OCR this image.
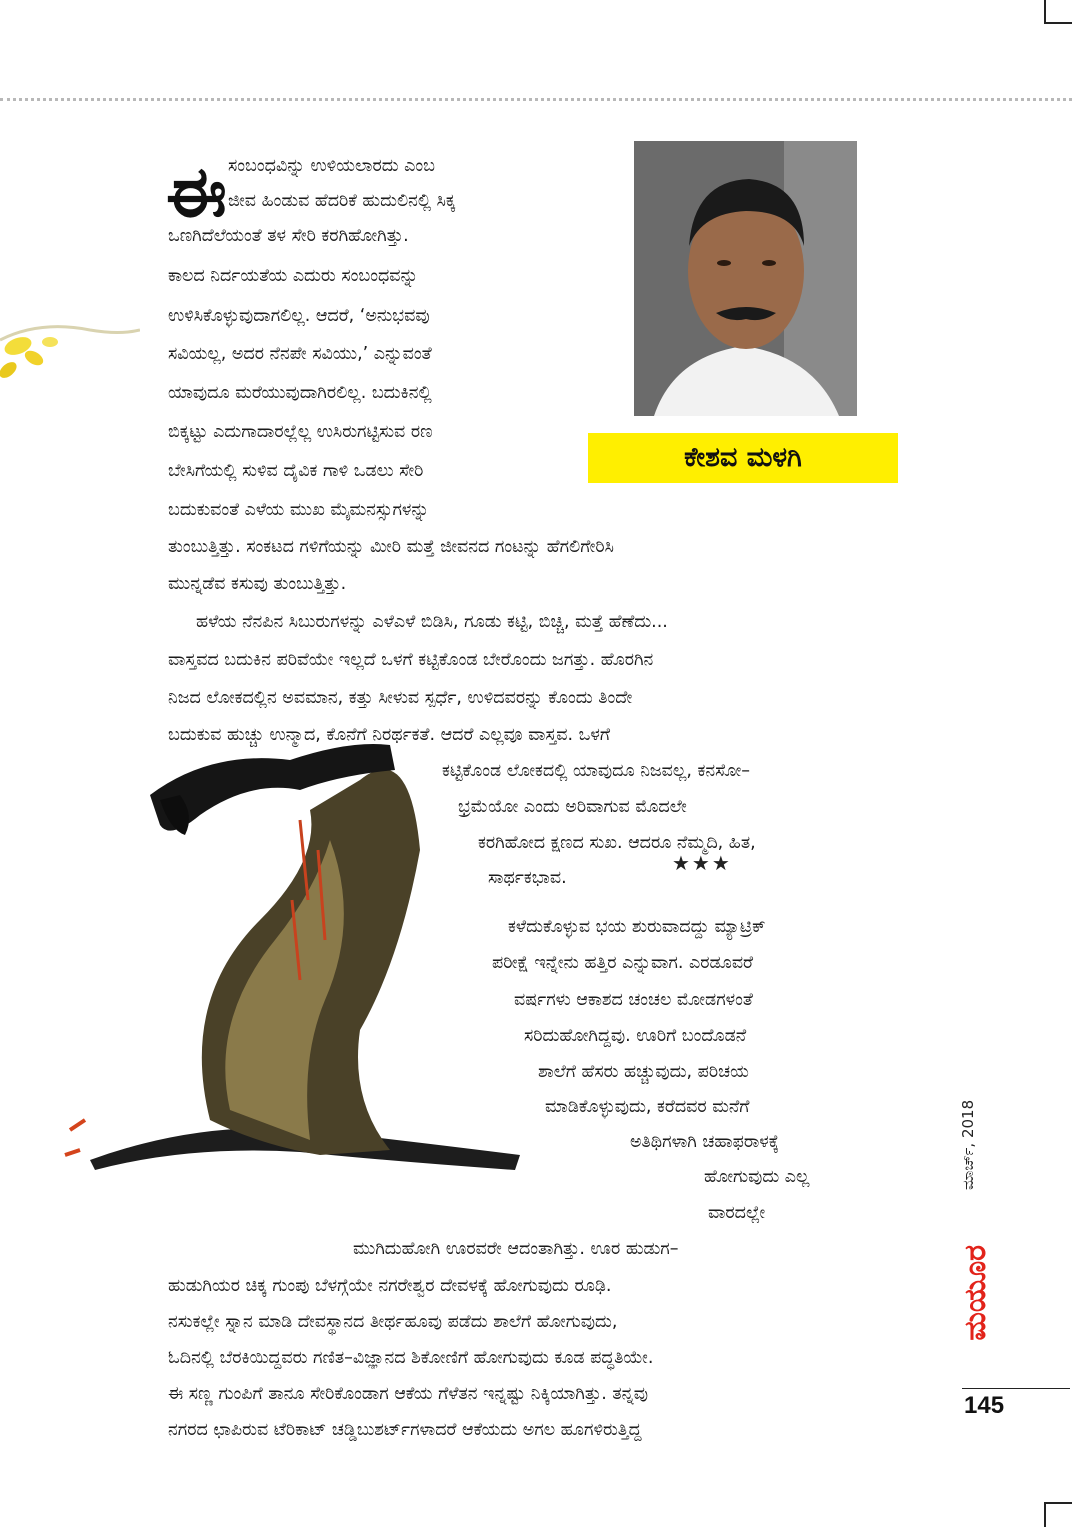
ಈ ಸಂಬಂಧವಿನ್ನು ಉಳಿಯಲಾರದು ಎಂಬ
ಜೀವ ಹಿಂಡುವ ಹೆದರಿಕೆ ಹುದುಲಿನಲ್ಲಿ ಸಿಕ್ಕ
ಒಣಗಿದೆಲೆಯಂತೆ ತಳ ಸೇರಿ ಕರಗಿಹೋಗಿತ್ತು.
ಕಾಲದ ನಿರ್ದಯತೆಯ ಎದುರು ಸಂಬಂಧವನ್ನು
ಉಳಿಸಿಕೊಳ್ಳುವುದಾಗಲಿಲ್ಲ. ಆದರೆ, ‘ಅನುಭವವು
ಸವಿಯಲ್ಲ, ಅದರ ನೆನಪೇ ಸವಿಯು,’ ಎನ್ನುವಂತೆ
ಯಾವುದೂ ಮರೆಯುವುದಾಗಿರಲಿಲ್ಲ. ಬದುಕಿನಲ್ಲಿ
ಬಿಕ್ಕಟ್ಟು ಎದುಗಾದಾರಲ್ಲೆಲ್ಲ ಉಸಿರುಗಟ್ಟಿಸುವ ರಣ
ಬೇಸಿಗೆಯಲ್ಲಿ ಸುಳಿವ ದೈವಿಕ ಗಾಳಿ ಒಡಲು ಸೇರಿ
ಬದುಕುವಂತೆ ಎಳೆಯ ಮುಖ ಮೈಮನಸ್ಸುಗಳನ್ನು
ತುಂಬುತ್ತಿತ್ತು. ಸಂಕಟದ ಗಳಿಗೆಯನ್ನು ಮೀರಿ ಮತ್ತೆ ಜೀವನದ ಗಂಟನ್ನು ಹೆಗಲಿಗೇರಿಸಿ
ಮುನ್ನಡೆವ ಕಸುವು ತುಂಬುತ್ತಿತ್ತು.
ಹಳೆಯ ನೆನಪಿನ ಸಿಬುರುಗಳನ್ನು ಎಳೆಎಳೆ ಬಿಡಿಸಿ, ಗೂಡು ಕಟ್ಟಿ, ಬಿಚ್ಚಿ, ಮತ್ತೆ ಹೆಣೆದು...
ವಾಸ್ತವದ ಬದುಕಿನ ಪರಿವೆಯೇ ಇಲ್ಲದೆ ಒಳಗೆ ಕಟ್ಟಿಕೊಂಡ ಬೇರೊಂದು ಜಗತ್ತು. ಹೊರಗಿನ
ನಿಜದ ಲೋಕದಲ್ಲಿನ ಅವಮಾನ, ಕತ್ತು ಸೀಳುವ ಸ್ಪರ್ಧೆ, ಉಳಿದವರನ್ನು ಕೊಂದು ತಿಂದೇ
ಬದುಕುವ ಹುಚ್ಚು ಉನ್ಮಾದ, ಕೊನೆಗೆ ನಿರರ್ಥಕತೆ. ಆದರೆ ಎಲ್ಲವೂ ವಾಸ್ತವ. ಒಳಗೆ
ಕಟ್ಟಿಕೊಂಡ ಲೋಕದಲ್ಲಿ ಯಾವುದೂ ನಿಜವಲ್ಲ, ಕನಸೋ–
ಭ್ರಮೆಯೋ ಎಂದು ಅರಿವಾಗುವ ಮೊದಲೇ
ಕರಗಿಹೋದ ಕ್ಷಣದ ಸುಖ. ಆದರೂ ನೆಮ್ಮದಿ, ಹಿತ,
ಸಾರ್ಥಕಭಾವ.
★★★
ಕಳೆದುಕೊಳ್ಳುವ ಭಯ ಶುರುವಾದದ್ದು ಮ್ಯಾಟ್ರಿಕ್
ಪರೀಕ್ಷೆ ಇನ್ನೇನು ಹತ್ತಿರ ಎನ್ನುವಾಗ. ಎರಡೂವರೆ
ವರ್ಷಗಳು ಆಕಾಶದ ಚಂಚಲ ಮೋಡಗಳಂತೆ
ಸರಿದುಹೋಗಿದ್ದವು. ಊರಿಗೆ ಬಂದೊಡನೆ
ಶಾಲೆಗೆ ಹೆಸರು ಹಚ್ಚುವುದು, ಪರಿಚಯ
ಮಾಡಿಕೊಳ್ಳುವುದು, ಕರೆದವರ ಮನೆಗೆ
ಅತಿಥಿಗಳಾಗಿ ಚಹಾಫರಾಳಕ್ಕೆ
ಹೋಗುವುದು ಎಲ್ಲ
ವಾರದಲ್ಲೇ
ಮುಗಿದುಹೋಗಿ ಊರವರೇ ಆದಂತಾಗಿತ್ತು. ಊರ ಹುಡುಗ–
ಹುಡುಗಿಯರ ಚಿಕ್ಕ ಗುಂಪು ಬೆಳಗ್ಗೆಯೇ ನಗರೇಶ್ವರ ದೇವಳಕ್ಕೆ ಹೋಗುವುದು ರೂಢಿ.
ನಸುಕಲ್ಲೇ ಸ್ನಾನ ಮಾಡಿ ದೇವಸ್ಥಾನದ ತೀರ್ಥಹೂವು ಪಡೆದು ಶಾಲೆಗೆ ಹೋಗುವುದು,
ಓದಿನಲ್ಲಿ ಬೆರಕಿಯಿದ್ದವರು ಗಣಿತ–ವಿಜ್ಞಾನದ ಶಿಕೋಣಿಗೆ ಹೋಗುವುದು ಕೂಡ ಪದ್ಧತಿಯೇ.
ಈ ಸಣ್ಣ ಗುಂಪಿಗೆ ತಾನೂ ಸೇರಿಕೊಂಡಾಗ ಆಕೆಯ ಗೆಳೆತನ ಇನ್ನಷ್ಟು ನಿಕ್ಕಿಯಾಗಿತ್ತು. ತನ್ನವು
ನಗರದ ಛಾಪಿರುವ ಟೆರಿಕಾಟ್ ಚಡ್ಡಿಬುಶರ್ಟ್‌ಗಳಾದರೆ ಆಕೆಯದು ಅಗಲ ಹೂಗಳಿರುತ್ತಿದ್ದ
ಕೇಶವ ಮಳಗಿ
ಮಾರ್ಚ್, 2018
ಮಯೂರ
145
